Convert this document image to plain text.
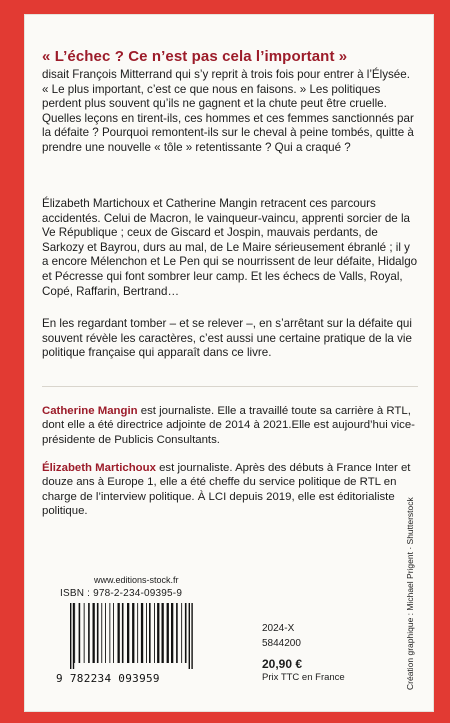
« L’échec ? Ce n’est pas cela l’important »

disait François Mitterrand qui s’y reprit à trois fois pour entrer à l’Élysée. « Le plus important, c’est ce que nous en faisons. » Les politiques perdent plus souvent qu’ils ne gagnent et la chute peut être cruelle. Quelles leçons en tirent-ils, ces hommes et ces femmes sanctionnés par la défaite ? Pourquoi remontent-ils sur le cheval à peine tombés, quitte à prendre une nouvelle « tôle » retentissante ? Qui a craqué ?

Élizabeth Martichoux et Catherine Mangin retracent ces parcours accidentés. Celui de Macron, le vainqueur-vaincu, apprenti sorcier de la Ve République ; ceux de Giscard et Jospin, mauvais perdants, de Sarkozy et Bayrou, durs au mal, de Le Maire sérieusement ébranlé ; il y a encore Mélenchon et Le Pen qui se nourrissent de leur défaite, Hidalgo et Pécresse qui font sombrer leur camp. Et les échecs de Valls, Royal, Copé, Raffarin, Bertrand…

En les regardant tomber – et se relever –, en s’arrêtant sur la défaite qui souvent révèle les caractères, c’est aussi une certaine pratique de la vie politique française qui apparaît dans ce livre.

Catherine Mangin est journaliste. Elle a travaillé toute sa carrière à RTL, dont elle a été directrice adjointe de 2014 à 2021.Elle est aujourd’hui vice-présidente de Publicis Consultants.

Élizabeth Martichoux est journaliste. Après des débuts à France Inter et douze ans à Europe 1, elle a été cheffe du service politique de RTL en charge de l’interview politique. À LCI depuis 2019, elle est éditorialiste politique.

www.editions-stock.fr
ISBN : 978-2-234-09395-9
9 782234 093959
2024-X
5844200
20,90 €
Prix TTC en France	Création graphique : Michael Prigent · Shutterstock
